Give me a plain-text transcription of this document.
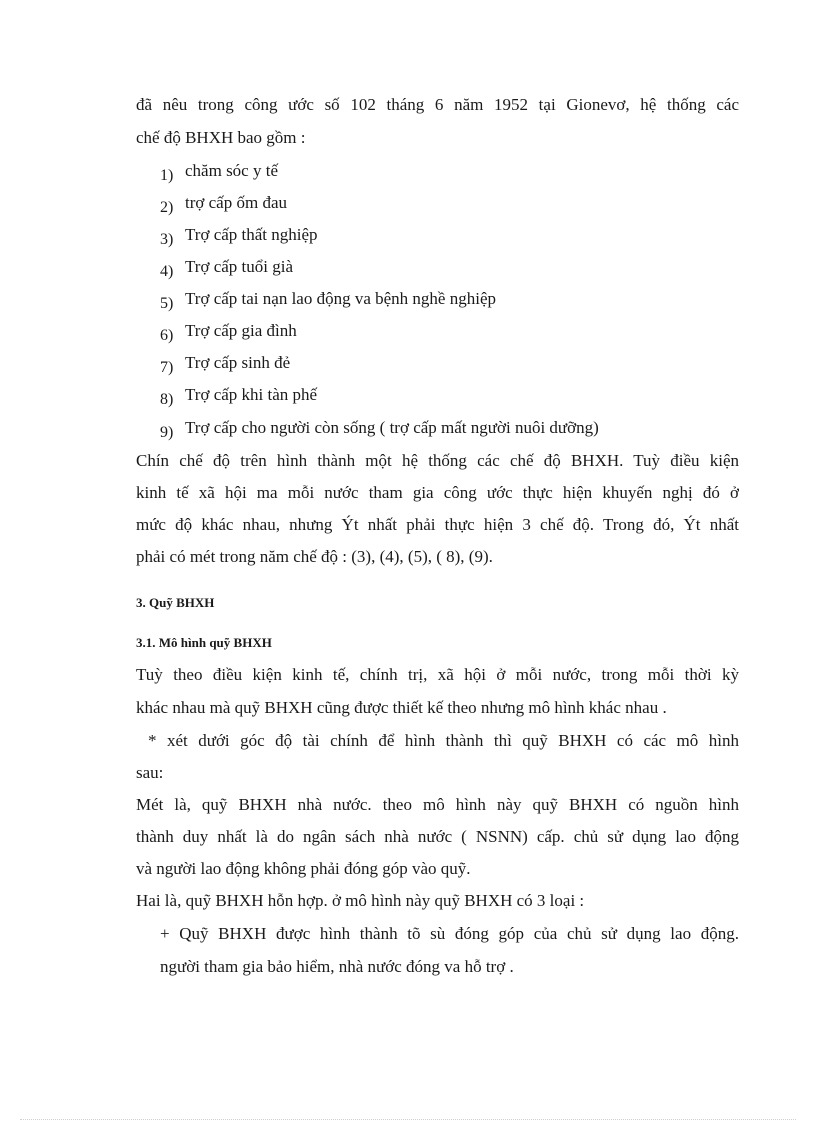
đã nêu trong công ước số 102 tháng 6 năm 1952 tại Gionevơ, hệ thống các
chế độ BHXH bao gồm :
1) chăm sóc y tế
2) trợ cấp ốm đau
3) Trợ cấp thất nghiệp
4) Trợ cấp tuổi già
5) Trợ cấp tai nạn lao động va bệnh nghề nghiệp
6) Trợ cấp gia đình
7) Trợ cấp sinh đẻ
8) Trợ cấp khi tàn phế
9) Trợ cấp cho người còn sống ( trợ cấp mất người nuôi dưỡng)
Chín chế độ trên hình thành một hệ thống các chế độ BHXH. Tuỳ điều kiện
kinh tế xã hội ma mỗi nước tham gia công ước thực hiện khuyến nghị đó ở
mức độ khác nhau, nhưng Ýt nhất phải thực hiện 3 chế độ. Trong đó, Ýt nhất
phải có mét trong năm chế độ : (3), (4), (5), ( 8), (9).
3. Quỹ BHXH
3.1. Mô hình quỹ BHXH
Tuỳ theo điều kiện kinh tế, chính trị, xã hội ở mỗi nước, trong mỗi thời kỳ
khác nhau mà quỹ BHXH cũng được thiết kế theo nhưng mô hình khác nhau .
* xét dưới góc độ tài chính để hình thành thì quỹ BHXH có các mô hình
sau:
Mét là, quỹ BHXH nhà nước. theo mô hình này quỹ BHXH có nguồn hình
thành duy nhất là do ngân sách nhà nước ( NSNN) cấp. chủ sử dụng lao động
và người lao động không phải đóng góp vào quỹ.
Hai là, quỹ BHXH hỗn hợp. ở mô hình này quỹ BHXH có 3 loại :
+ Quỹ BHXH được hình thành tõ sù đóng góp của chủ sử dụng lao động.
người tham gia bảo hiểm, nhà nước đóng va hỗ trợ .
